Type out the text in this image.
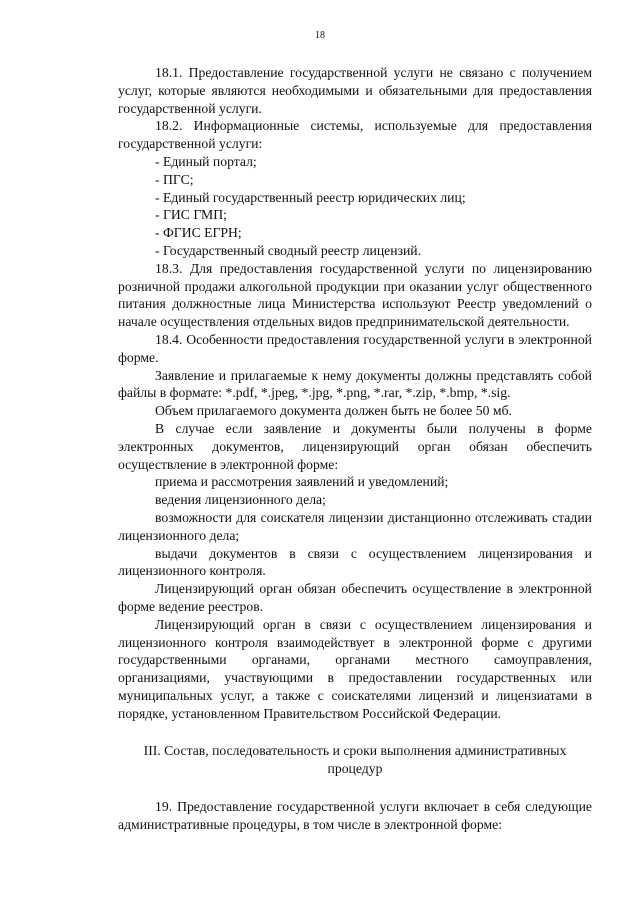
18

18.1. Предоставление государственной услуги не связано с получением услуг, которые являются необходимыми и обязательными для предоставления государственной услуги.

18.2. Информационные системы, используемые для предоставления государственной услуги:

- Единый портал;

- ПГС;

- Единый государственный реестр юридических лиц;

- ГИС ГМП;

- ФГИС ЕГРН;

- Государственный сводный реестр лицензий.

18.3. Для предоставления государственной услуги по лицензированию розничной продажи алкогольной продукции при оказании услуг общественного питания должностные лица Министерства используют Реестр уведомлений о начале осуществления отдельных видов предпринимательской деятельности.

18.4. Особенности предоставления государственной услуги в электронной форме.

Заявление и прилагаемые к нему документы должны представлять собой файлы в формате: *.pdf, *.jpeg, *.jpg, *.png, *.rar, *.zip, *.bmp, *.sig.

Объем прилагаемого документа должен быть не более 50 мб.

В случае если заявление и документы были получены в форме электронных документов, лицензирующий орган обязан обеспечить осуществление в электронной форме:

приема и рассмотрения заявлений и уведомлений;

ведения лицензионного дела;

возможности для соискателя лицензии дистанционно отслеживать стадии лицензионного дела;

выдачи документов в связи с осуществлением лицензирования и лицензионного контроля.

Лицензирующий орган обязан обеспечить осуществление в электронной форме ведение реестров.

Лицензирующий орган в связи с осуществлением лицензирования и лицензионного контроля взаимодействует в электронной форме с другими государственными органами, органами местного самоуправления, организациями, участвующими в предоставлении государственных или муниципальных услуг, а также с соискателями лицензий и лицензиатами в порядке, установленном Правительством Российской Федерации.

III. Состав, последовательность и сроки выполнения административных процедур

19. Предоставление государственной услуги включает в себя следующие административные процедуры, в том числе в электронной форме:
